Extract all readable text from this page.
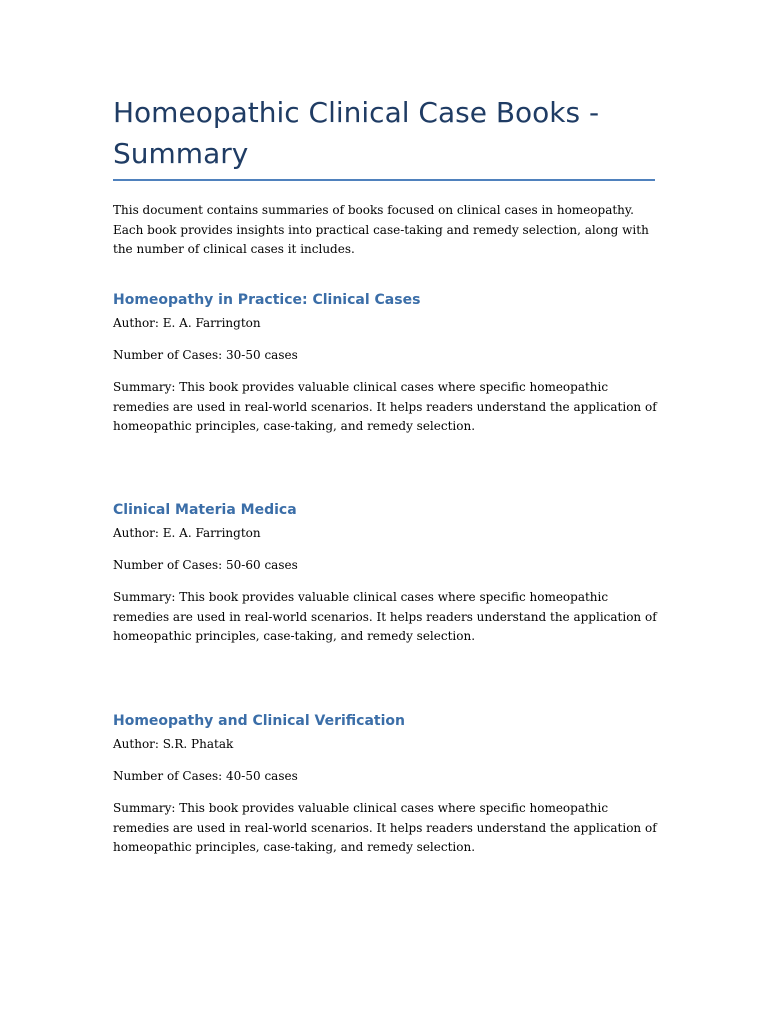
Homeopathic Clinical Case Books - Summary

This document contains summaries of books focused on clinical cases in homeopathy. Each book provides insights into practical case-taking and remedy selection, along with the number of clinical cases it includes.

Homeopathy in Practice: Clinical Cases

Author: E. A. Farrington

Number of Cases: 30-50 cases

Summary: This book provides valuable clinical cases where specific homeopathic remedies are used in real-world scenarios. It helps readers understand the application of homeopathic principles, case-taking, and remedy selection.

Clinical Materia Medica

Author: E. A. Farrington

Number of Cases: 50-60 cases

Summary: This book provides valuable clinical cases where specific homeopathic remedies are used in real-world scenarios. It helps readers understand the application of homeopathic principles, case-taking, and remedy selection.

Homeopathy and Clinical Verification

Author: S.R. Phatak

Number of Cases: 40-50 cases

Summary: This book provides valuable clinical cases where specific homeopathic remedies are used in real-world scenarios. It helps readers understand the application of homeopathic principles, case-taking, and remedy selection.
